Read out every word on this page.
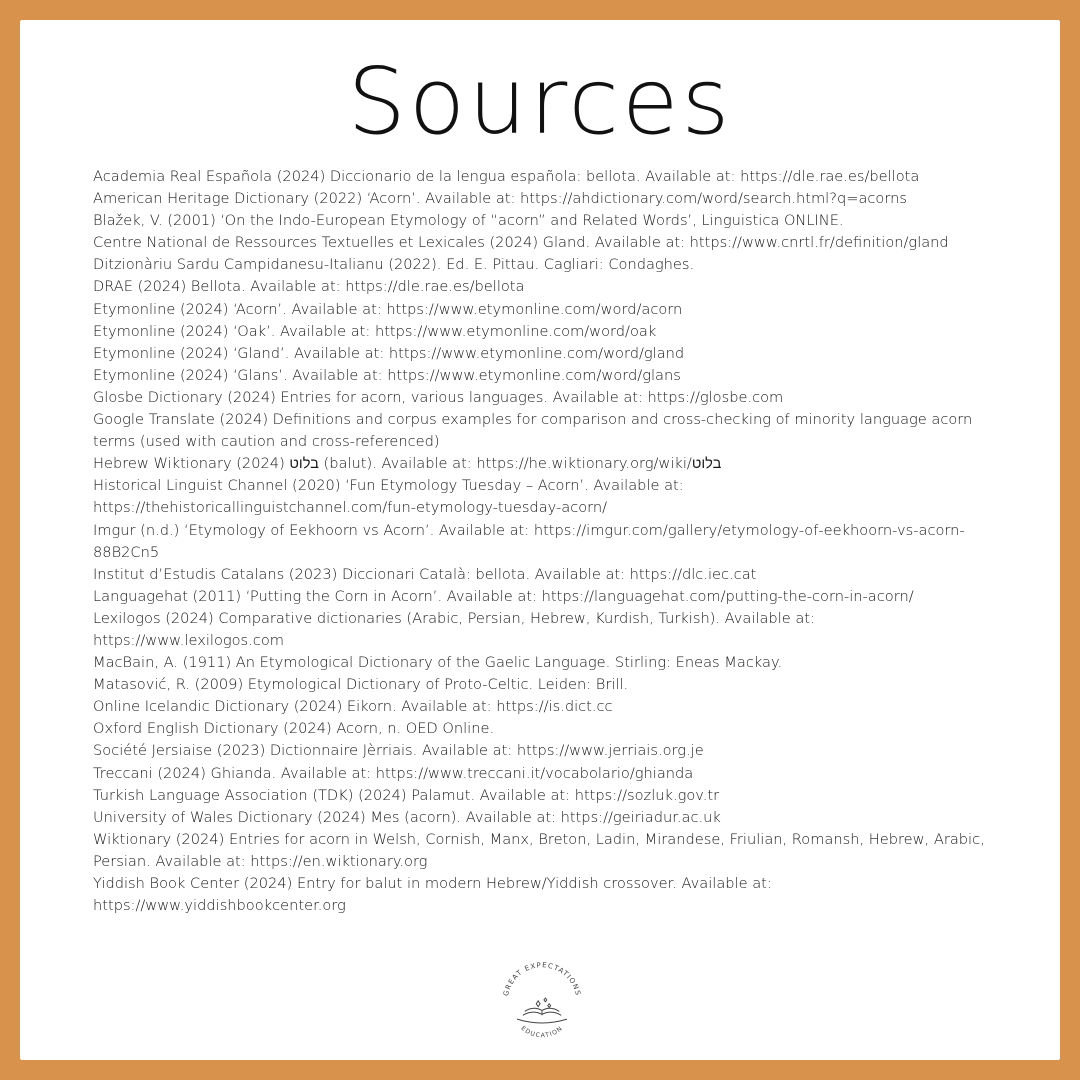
Sources
Academia Real Española (2024) Diccionario de la lengua española: bellota. Available at: https://dle.rae.es/bellota
American Heritage Dictionary (2022) ‘Acorn’. Available at: https://ahdictionary.com/word/search.html?q=acorns
Blažek, V. (2001) ‘On the Indo-European Etymology of “acorn” and Related Words’, Linguistica ONLINE.
Centre National de Ressources Textuelles et Lexicales (2024) Gland. Available at: https://www.cnrtl.fr/definition/gland
Ditzionàriu Sardu Campidanesu-Italianu (2022). Ed. E. Pittau. Cagliari: Condaghes.
DRAE (2024) Bellota. Available at: https://dle.rae.es/bellota
Etymonline (2024) ‘Acorn’. Available at: https://www.etymonline.com/word/acorn
Etymonline (2024) ‘Oak’. Available at: https://www.etymonline.com/word/oak
Etymonline (2024) ‘Gland’. Available at: https://www.etymonline.com/word/gland
Etymonline (2024) ‘Glans’. Available at: https://www.etymonline.com/word/glans
Glosbe Dictionary (2024) Entries for acorn, various languages. Available at: https://glosbe.com
Google Translate (2024) Definitions and corpus examples for comparison and cross-checking of minority language acorn terms (used with caution and cross-referenced)
Hebrew Wiktionary (2024) בלוט (balut). Available at: https://he.wiktionary.org/wiki/בלוט
Historical Linguist Channel (2020) ‘Fun Etymology Tuesday – Acorn’. Available at: https://thehistoricallinguistchannel.com/fun-etymology-tuesday-acorn/
Imgur (n.d.) ‘Etymology of Eekhoorn vs Acorn’. Available at: https://imgur.com/gallery/etymology-of-eekhoorn-vs-acorn-88B2Cn5
Institut d’Estudis Catalans (2023) Diccionari Català: bellota. Available at: https://dlc.iec.cat
Languagehat (2011) ‘Putting the Corn in Acorn’. Available at: https://languagehat.com/putting-the-corn-in-acorn/
Lexilogos (2024) Comparative dictionaries (Arabic, Persian, Hebrew, Kurdish, Turkish). Available at: https://www.lexilogos.com
MacBain, A. (1911) An Etymological Dictionary of the Gaelic Language. Stirling: Eneas Mackay.
Matasović, R. (2009) Etymological Dictionary of Proto-Celtic. Leiden: Brill.
Online Icelandic Dictionary (2024) Eikorn. Available at: https://is.dict.cc
Oxford English Dictionary (2024) Acorn, n. OED Online.
Société Jersiaise (2023) Dictionnaire Jèrriais. Available at: https://www.jerriais.org.je
Treccani (2024) Ghianda. Available at: https://www.treccani.it/vocabolario/ghianda
Turkish Language Association (TDK) (2024) Palamut. Available at: https://sozluk.gov.tr
University of Wales Dictionary (2024) Mes (acorn). Available at: https://geiriadur.ac.uk
Wiktionary (2024) Entries for acorn in Welsh, Cornish, Manx, Breton, Ladin, Mirandese, Friulian, Romansh, Hebrew, Arabic, Persian. Available at: https://en.wiktionary.org
Yiddish Book Center (2024) Entry for balut in modern Hebrew/Yiddish crossover. Available at: https://www.yiddishbookcenter.org
GREAT EXPECTATIONS
EDUCATION
